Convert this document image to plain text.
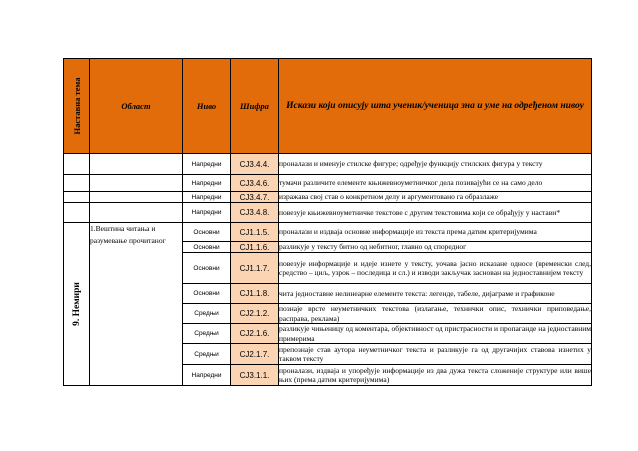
Наставна тема	Област	Ниво	Шифра	Искази који описују шта ученик/ученица зна и уме на одређеном нивоу
		Напредни	СЈ3.4.4.	проналази и именује стилске фигуре; одређује функцију стилских фигура у тексту
		Напредни	СЈ3.4.6.	тумачи различите елементе књижевноуметничког дела позивајући се на само дело
		Напредни	СЈ3.4.7.	изражава свој став о конкретном делу и аргументовано га образлаже
		Напредни	СЈ3.4.8.	повезује књижевноуметничке текстове с другим текстовима који се обрађују у настави*

9. Немири	1.Вештина читања и разумевање прочитаног	Основни	СЈ1.1.5.	проналази и издваја основне информације из текста према датим критеријумима
		Основни	СЈ1.1.6.	разликује у тексту битно од небитног, главно од споредног
		Основни	СЈ1.1.7.	повезује информације и идеје изнете у тексту, уочава јасно исказане односе (временски след, средство – циљ, узрок – последица и сл.) и изводи закључак заснован на једноставнијем тексту
		Основни	СЈ1.1.8.	чита једноставне нелинеарне елементе текста: легенде, табеле, дијаграме и графиконе
		Средњи	СЈ2.1.2.	познаје врсте неуметничких текстова (излагање, технички опис, технички приповедање, расправа, реклама)
		Средњи	СЈ2.1.6.	разликује чињеницу од коментара, објективност од пристрасности и пропаганде на једноставним примерима
		Средњи	СЈ2.1.7.	препознаје став аутора неуметничког текста и разликује га од другачијих ставова изнетих у таквом тексту
		Напредни	СЈ3.1.1.	проналази, издваја и упоређује информације из два дужа текста сложеније структуре или више њих (према датим критеријумима)
